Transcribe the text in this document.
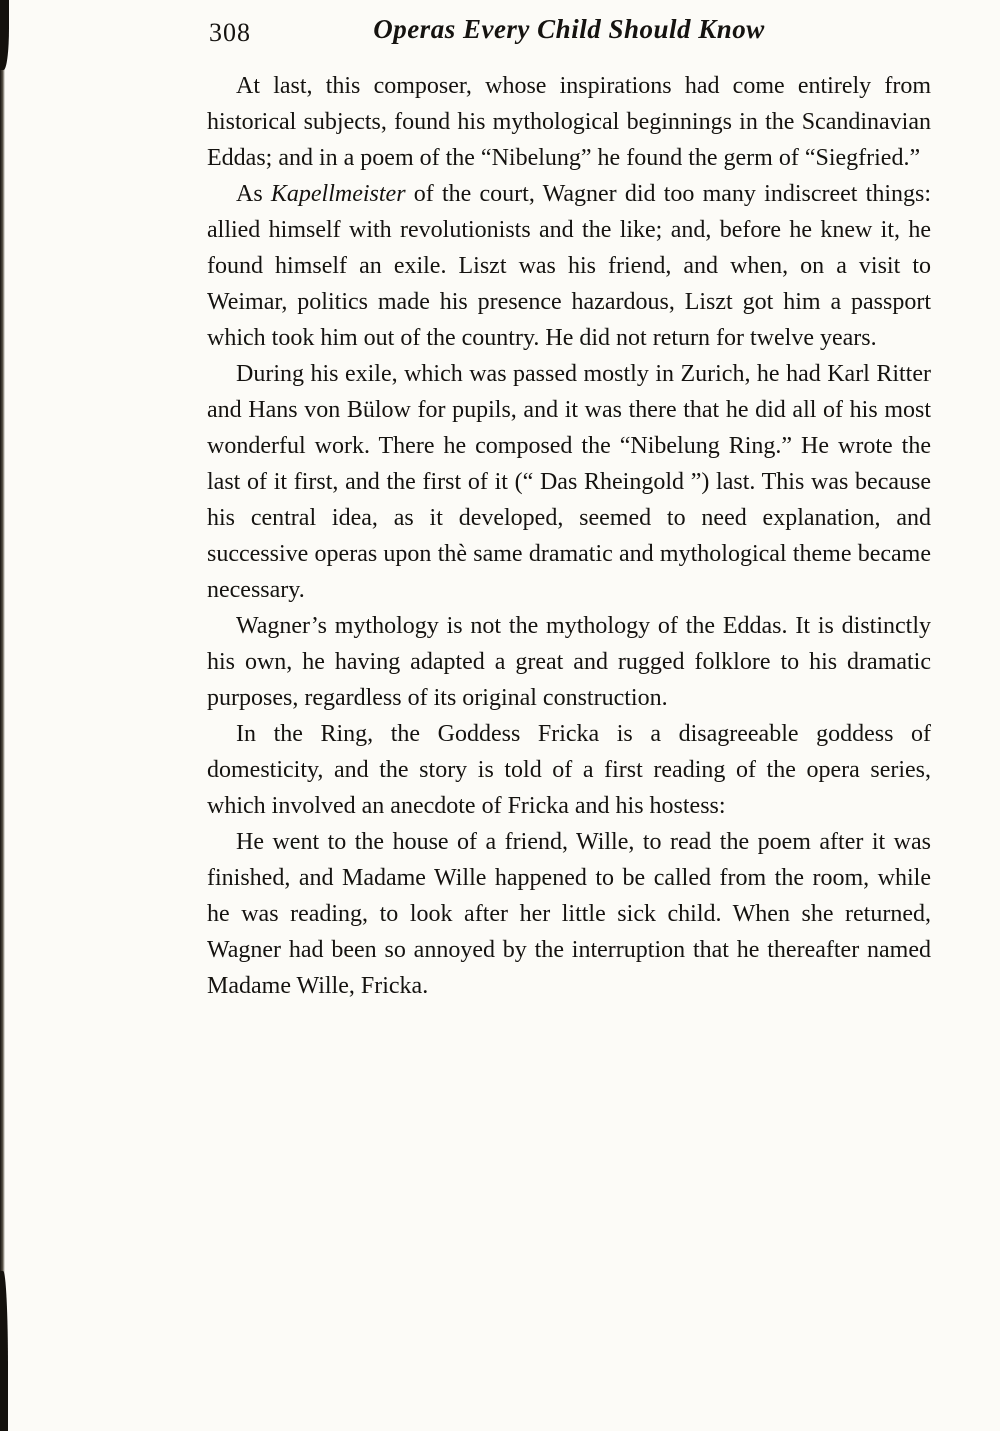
308	Operas Every Child Should Know

At last, this composer, whose inspirations had come entirely from historical subjects, found his mythological beginnings in the Scandinavian Eddas; and in a poem of the “Nibelung” he found the germ of “Siegfried.”

As Kapellmeister of the court, Wagner did too many indiscreet things: allied himself with revolutionists and the like; and, before he knew it, he found himself an exile. Liszt was his friend, and when, on a visit to Weimar, politics made his presence hazardous, Liszt got him a passport which took him out of the country. He did not return for twelve years.

During his exile, which was passed mostly in Zurich, he had Karl Ritter and Hans von Bülow for pupils, and it was there that he did all of his most wonderful work. There he composed the “Nibelung Ring.” He wrote the last of it first, and the first of it (“ Das Rheingold ”) last. This was because his central idea, as it developed, seemed to need explanation, and successive operas upon thè same dramatic and mythological theme became necessary.

Wagner’s mythology is not the mythology of the Eddas. It is distinctly his own, he having adapted a great and rugged folklore to his dramatic purposes, regardless of its original construction.

In the Ring, the Goddess Fricka is a disagreeable goddess of domesticity, and the story is told of a first reading of the opera series, which involved an anecdote of Fricka and his hostess:

He went to the house of a friend, Wille, to read the poem after it was finished, and Madame Wille happened to be called from the room, while he was reading, to look after her little sick child. When she returned, Wagner had been so annoyed by the interruption that he thereafter named Madame Wille, Fricka.
